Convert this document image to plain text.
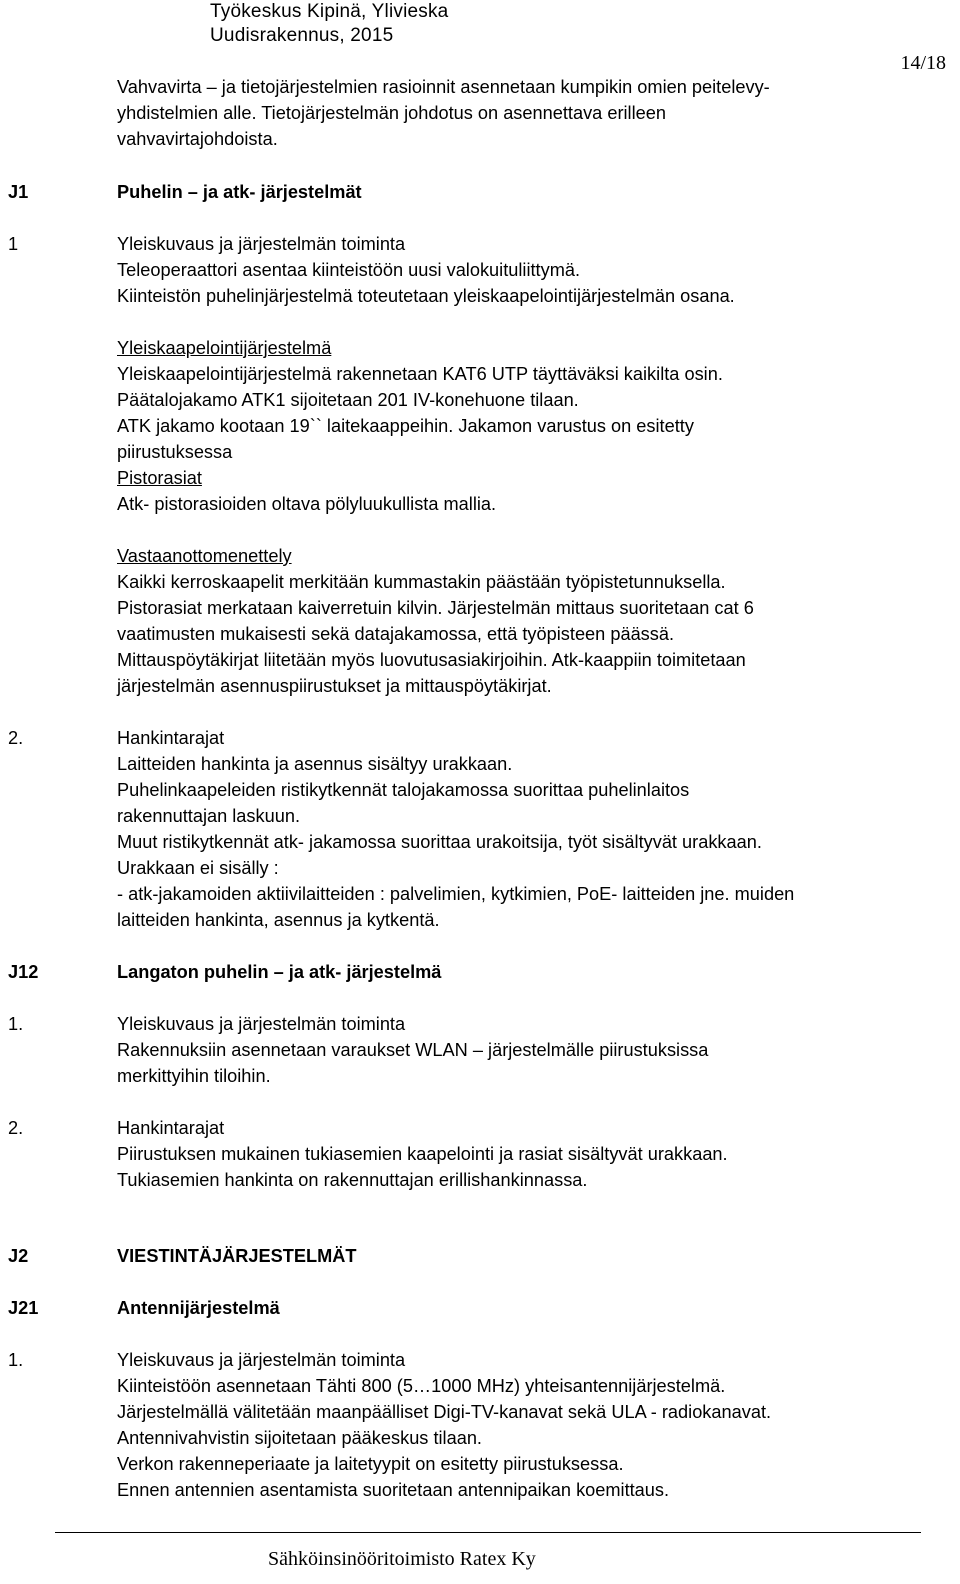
Työkeskus Kipinä, Ylivieska
Uudisrakennus, 2015
14/18
Vahvavirta – ja tietojärjestelmien rasioinnit asennetaan kumpikin omien peitelevy-
yhdistelmien alle. Tietojärjestelmän johdotus on asennettava erilleen
vahvavirtajohdoista.
J1	Puhelin – ja atk- järjestelmät
1	Yleiskuvaus ja järjestelmän toiminta
Teleoperaattori asentaa kiinteistöön uusi valokuituliittymä.
Kiinteistön puhelinjärjestelmä toteutetaan yleiskaapelointijärjestelmän osana.
Yleiskaapelointijärjestelmä
Yleiskaapelointijärjestelmä rakennetaan KAT6 UTP täyttäväksi kaikilta osin.
Päätalojakamo ATK1 sijoitetaan 201 IV-konehuone tilaan.
ATK jakamo kootaan 19`` laitekaappeihin. Jakamon varustus on esitetty
piirustuksessa
Pistorasiat
Atk- pistorasioiden oltava pölyluukullista mallia.
Vastaanottomenettely
Kaikki kerroskaapelit merkitään kummastakin päästään työpistetunnuksella.
Pistorasiat merkataan kaiverretuin kilvin. Järjestelmän mittaus suoritetaan cat 6
vaatimusten mukaisesti sekä datajakamossa, että työpisteen päässä.
Mittauspöytäkirjat liitetään myös luovutusasiakirjoihin. Atk-kaappiin toimitetaan
järjestelmän asennuspiirustukset ja mittauspöytäkirjat.
2.	Hankintarajat
Laitteiden hankinta ja asennus sisältyy urakkaan.
Puhelinkaapeleiden ristikytkennät talojakamossa suorittaa puhelinlaitos
rakennuttajan laskuun.
Muut ristikytkennät atk- jakamossa suorittaa urakoitsija, työt sisältyvät urakkaan.
Urakkaan ei sisälly :
- atk-jakamoiden aktiivilaitteiden : palvelimien, kytkimien, PoE- laitteiden jne. muiden
laitteiden hankinta, asennus ja kytkentä.
J12	Langaton puhelin – ja atk- järjestelmä
1.	Yleiskuvaus ja järjestelmän toiminta
Rakennuksiin asennetaan varaukset WLAN – järjestelmälle piirustuksissa
merkittyihin tiloihin.
2.	Hankintarajat
Piirustuksen mukainen tukiasemien kaapelointi ja rasiat sisältyvät urakkaan.
Tukiasemien hankinta on rakennuttajan erillishankinnassa.
J2	VIESTINTÄJÄRJESTELMÄT
J21	Antennijärjestelmä
1.	Yleiskuvaus ja järjestelmän toiminta
Kiinteistöön asennetaan Tähti 800 (5…1000 MHz) yhteisantennijärjestelmä.
Järjestelmällä välitetään maanpäälliset Digi-TV-kanavat sekä ULA - radiokanavat.
Antennivahvistin sijoitetaan pääkeskus tilaan.
Verkon rakenneperiaate ja laitetyypit on esitetty piirustuksessa.
Ennen antennien asentamista suoritetaan antennipaikan koemittaus.
Sähköinsinööritoimisto Ratex Ky
